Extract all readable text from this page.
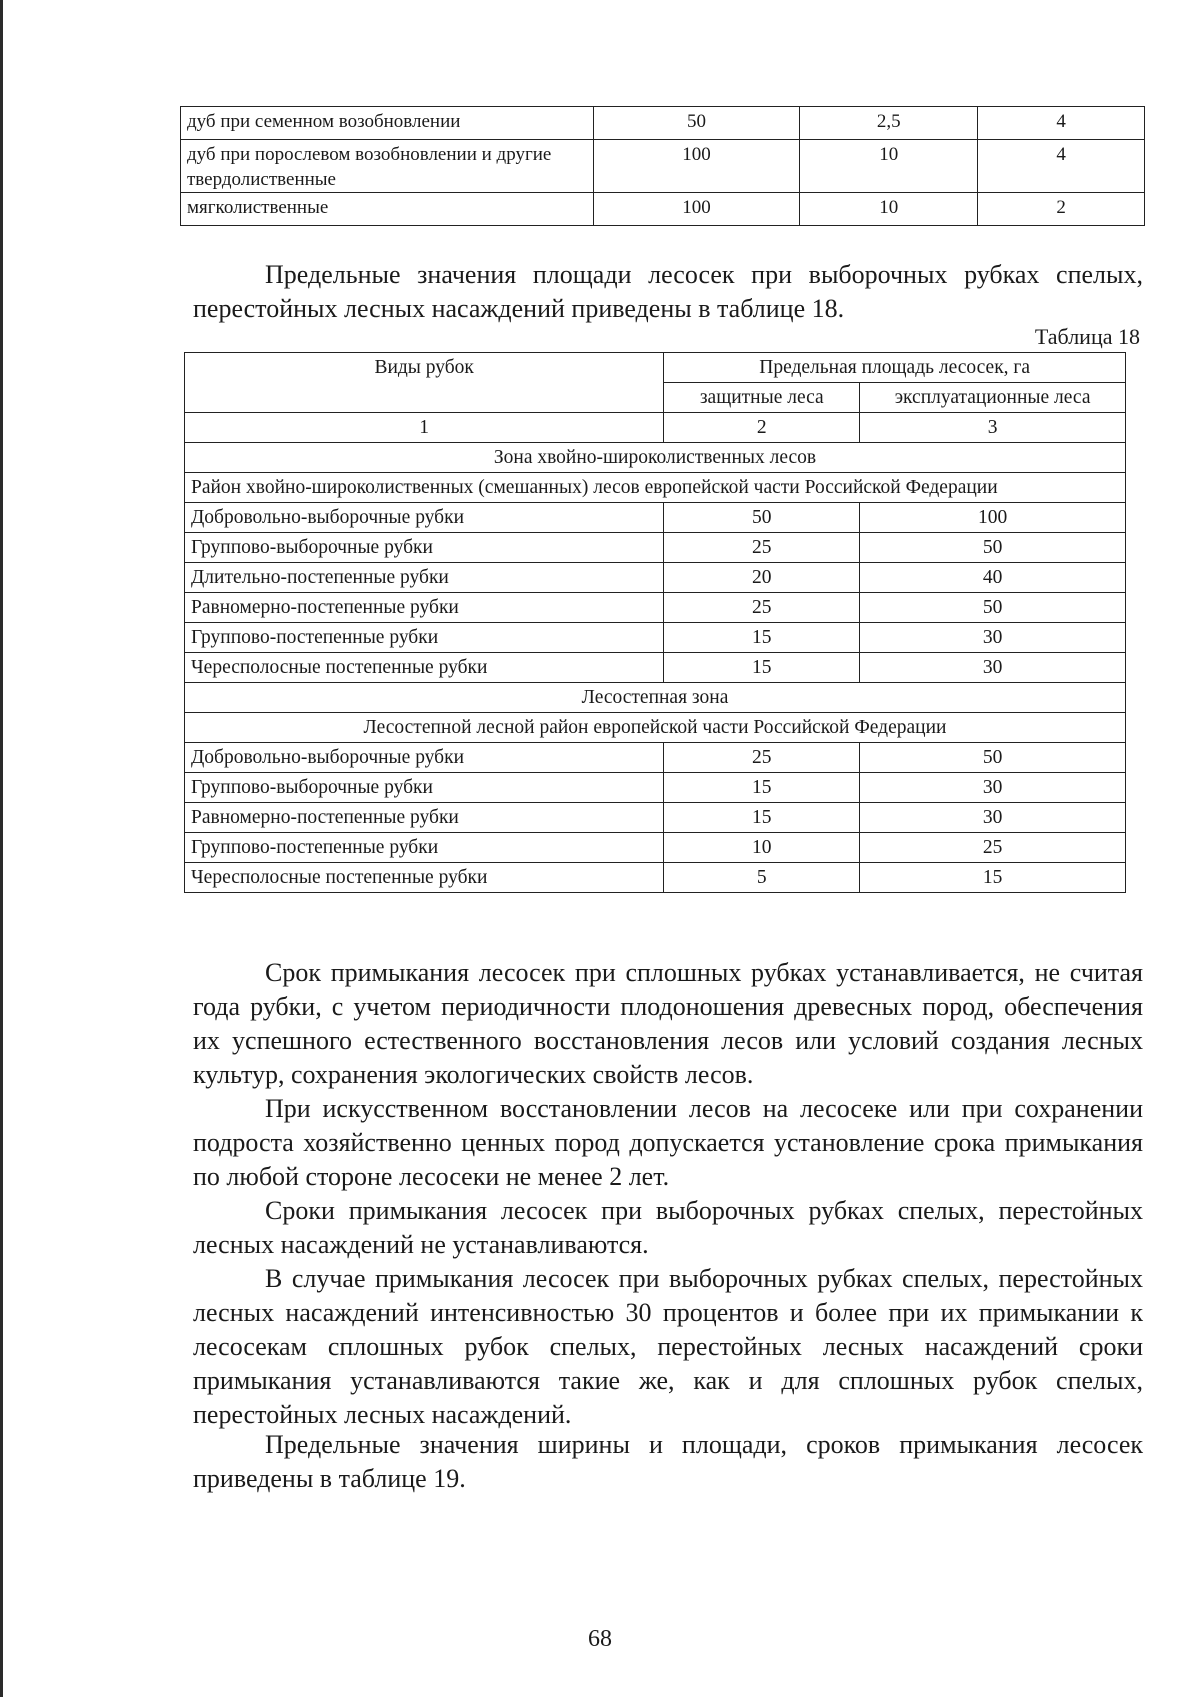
дуб при семенном возобновлении	50	2,5	4
дуб при порослевом возобновлении и другие твердолиственные	100	10	4
мягколиственные	100	10	2

Предельные значения площади лесосек при выборочных рубках спелых, перестойных лесных насаждений приведены в таблице 18.

Таблица 18
Виды рубок	Предельная площадь лесосек, га	
	защитные леса	эксплуатационные леса
1	2	3
Зона хвойно-широколиственных лесов		
Район хвойно-широколиственных (смешанных) лесов европейской части Российской Федерации		
Добровольно-выборочные рубки	50	100
Группово-выборочные рубки	25	50
Длительно-постепенные рубки	20	40
Равномерно-постепенные рубки	25	50
Группово-постепенные рубки	15	30
Чересполосные постепенные рубки	15	30
Лесостепная зона		
Лесостепной лесной район европейской части Российской Федерации		
Добровольно-выборочные рубки	25	50
Группово-выборочные рубки	15	30
Равномерно-постепенные рубки	15	30
Группово-постепенные рубки	10	25
Чересполосные постепенные рубки	5	15

Срок примыкания лесосек при сплошных рубках устанавливается, не считая года рубки, с учетом периодичности плодоношения древесных пород, обеспечения их успешного естественного восстановления лесов или условий создания лесных культур, сохранения экологических свойств лесов.

При искусственном восстановлении лесов на лесосеке или при сохранении подроста хозяйственно ценных пород допускается установление срока примыкания по любой стороне лесосеки не менее 2 лет.

Сроки примыкания лесосек при выборочных рубках спелых, перестойных лесных насаждений не устанавливаются.

В случае примыкания лесосек при выборочных рубках спелых, перестойных лесных насаждений интенсивностью 30 процентов и более при их примыкании к лесосекам сплошных рубок спелых, перестойных лесных насаждений сроки примыкания устанавливаются такие же, как и для сплошных рубок спелых, перестойных лесных насаждений.

Предельные значения ширины и площади, сроков примыкания лесосек приведены в таблице 19.

68
